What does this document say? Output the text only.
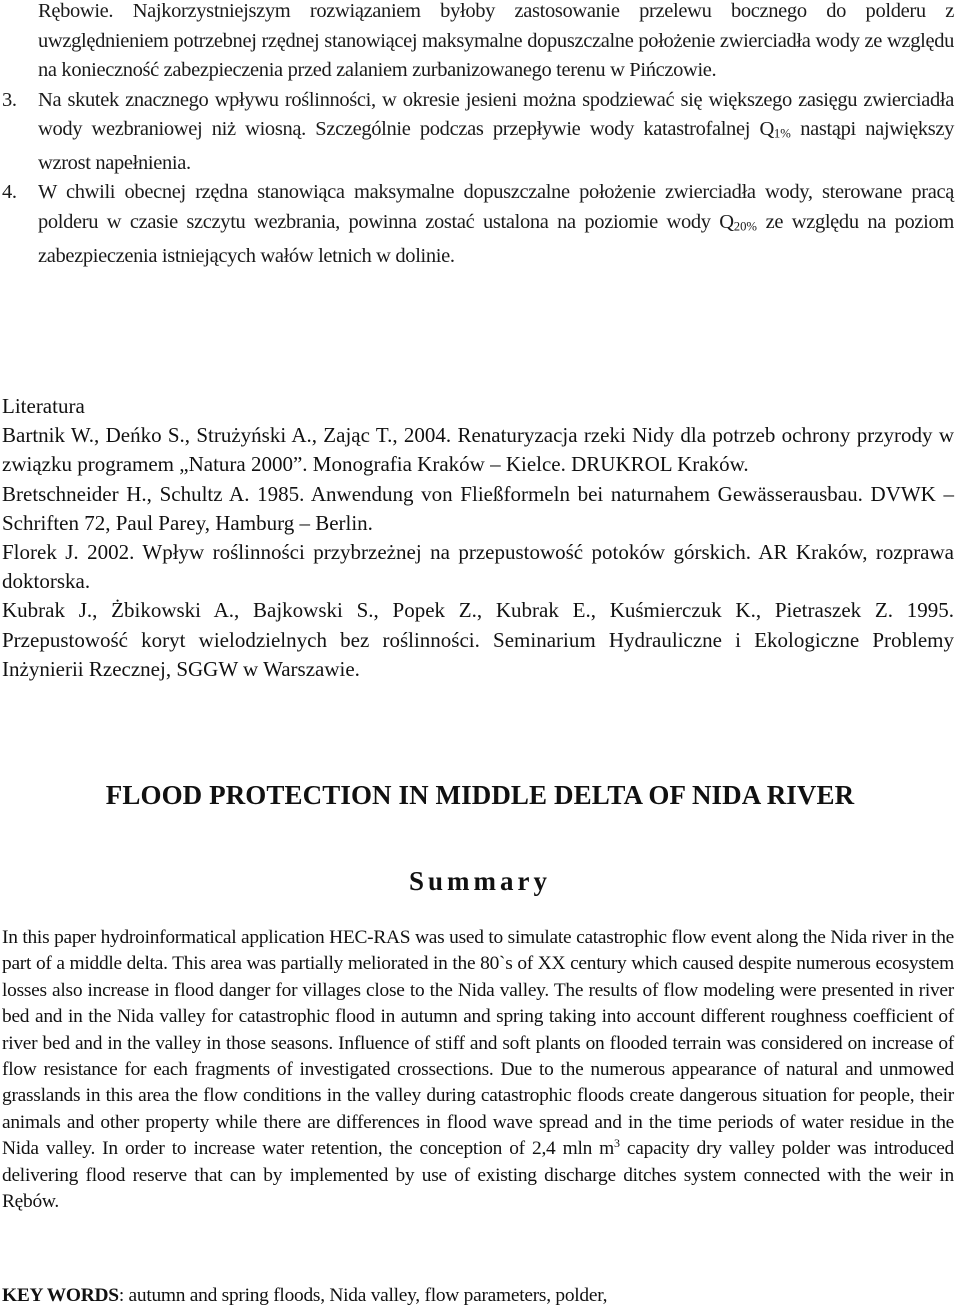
Rębowie. Najkorzystniejszym rozwiązaniem byłoby zastosowanie przelewu bocznego do polderu z uwzględnieniem potrzebnej rzędnej stanowiącej maksymalne dopuszczalne położenie zwierciadła wody ze względu na konieczność zabezpieczenia przed zalaniem zurbanizowanego terenu w Pińczowie.

3.	Na skutek znacznego wpływu roślinności, w okresie jesieni można spodziewać się większego zasięgu zwierciadła wody wezbraniowej niż wiosną. Szczególnie podczas przepływie wody katastrofalnej $Q_{1\%}$ nastąpi największy wzrost napełnienia.
4.	W chwili obecnej rzędna stanowiąca maksymalne dopuszczalne położenie zwierciadła wody, sterowane pracą polderu w czasie szczytu wezbrania, powinna zostać ustalona na poziomie wody $Q_{20\%}$ ze względu na poziom zabezpieczenia istniejących wałów letnich w dolinie.

Literatura

Bartnik W., Deńko S., Strużyński A., Zając T., 2004. Renaturyzacja rzeki Nidy dla potrzeb ochrony przyrody w związku programem „Natura 2000”. Monografia Kraków – Kielce. DRUKROL Kraków.

Bretschneider H., Schultz A. 1985. Anwendung von Fließformeln bei naturnahem Gewässerausbau. DVWK – Schriften 72, Paul Parey, Hamburg – Berlin.

Florek J. 2002. Wpływ roślinności przybrzeżnej na przepustowość potoków górskich. AR Kraków, rozprawa doktorska.

Kubrak J., Żbikowski A., Bajkowski S., Popek Z., Kubrak E., Kuśmierczuk K., Pietraszek Z. 1995. Przepustowość koryt wielodzielnych bez roślinności. Seminarium Hydrauliczne i Ekologiczne Problemy Inżynierii Rzecznej, SGGW w Warszawie.

FLOOD PROTECTION IN MIDDLE DELTA OF NIDA RIVER
Summary

In this paper hydroinformatical application HEC-RAS was used to simulate catastrophic flow event along the Nida river in the part of a middle delta. This area was partially meliorated in the 80`s of XX century which caused despite numerous ecosystem losses also increase in flood danger for villages close to the Nida valley. The results of flow modeling were presented in river bed and in the Nida valley for catastrophic flood in autumn and spring taking into account different roughness coefficient of river bed and in the valley in those seasons. Influence of stiff and soft plants on flooded terrain was considered on increase of flow resistance for each fragments of investigated crossections. Due to the numerous appearance of natural and unmowed grasslands in this area the flow conditions in the valley during catastrophic floods create dangerous situation for people, their animals and other property while there are differences in flood wave spread and in the time periods of water residue in the Nida valley. In order to increase water retention, the conception of 2,4 mln $m^3$ capacity dry valley polder was introduced delivering flood reserve that can by implemented by use of existing discharge ditches system connected with the weir in Rębów.

KEY WORDS: autumn and spring floods, Nida valley, flow parameters, polder,
